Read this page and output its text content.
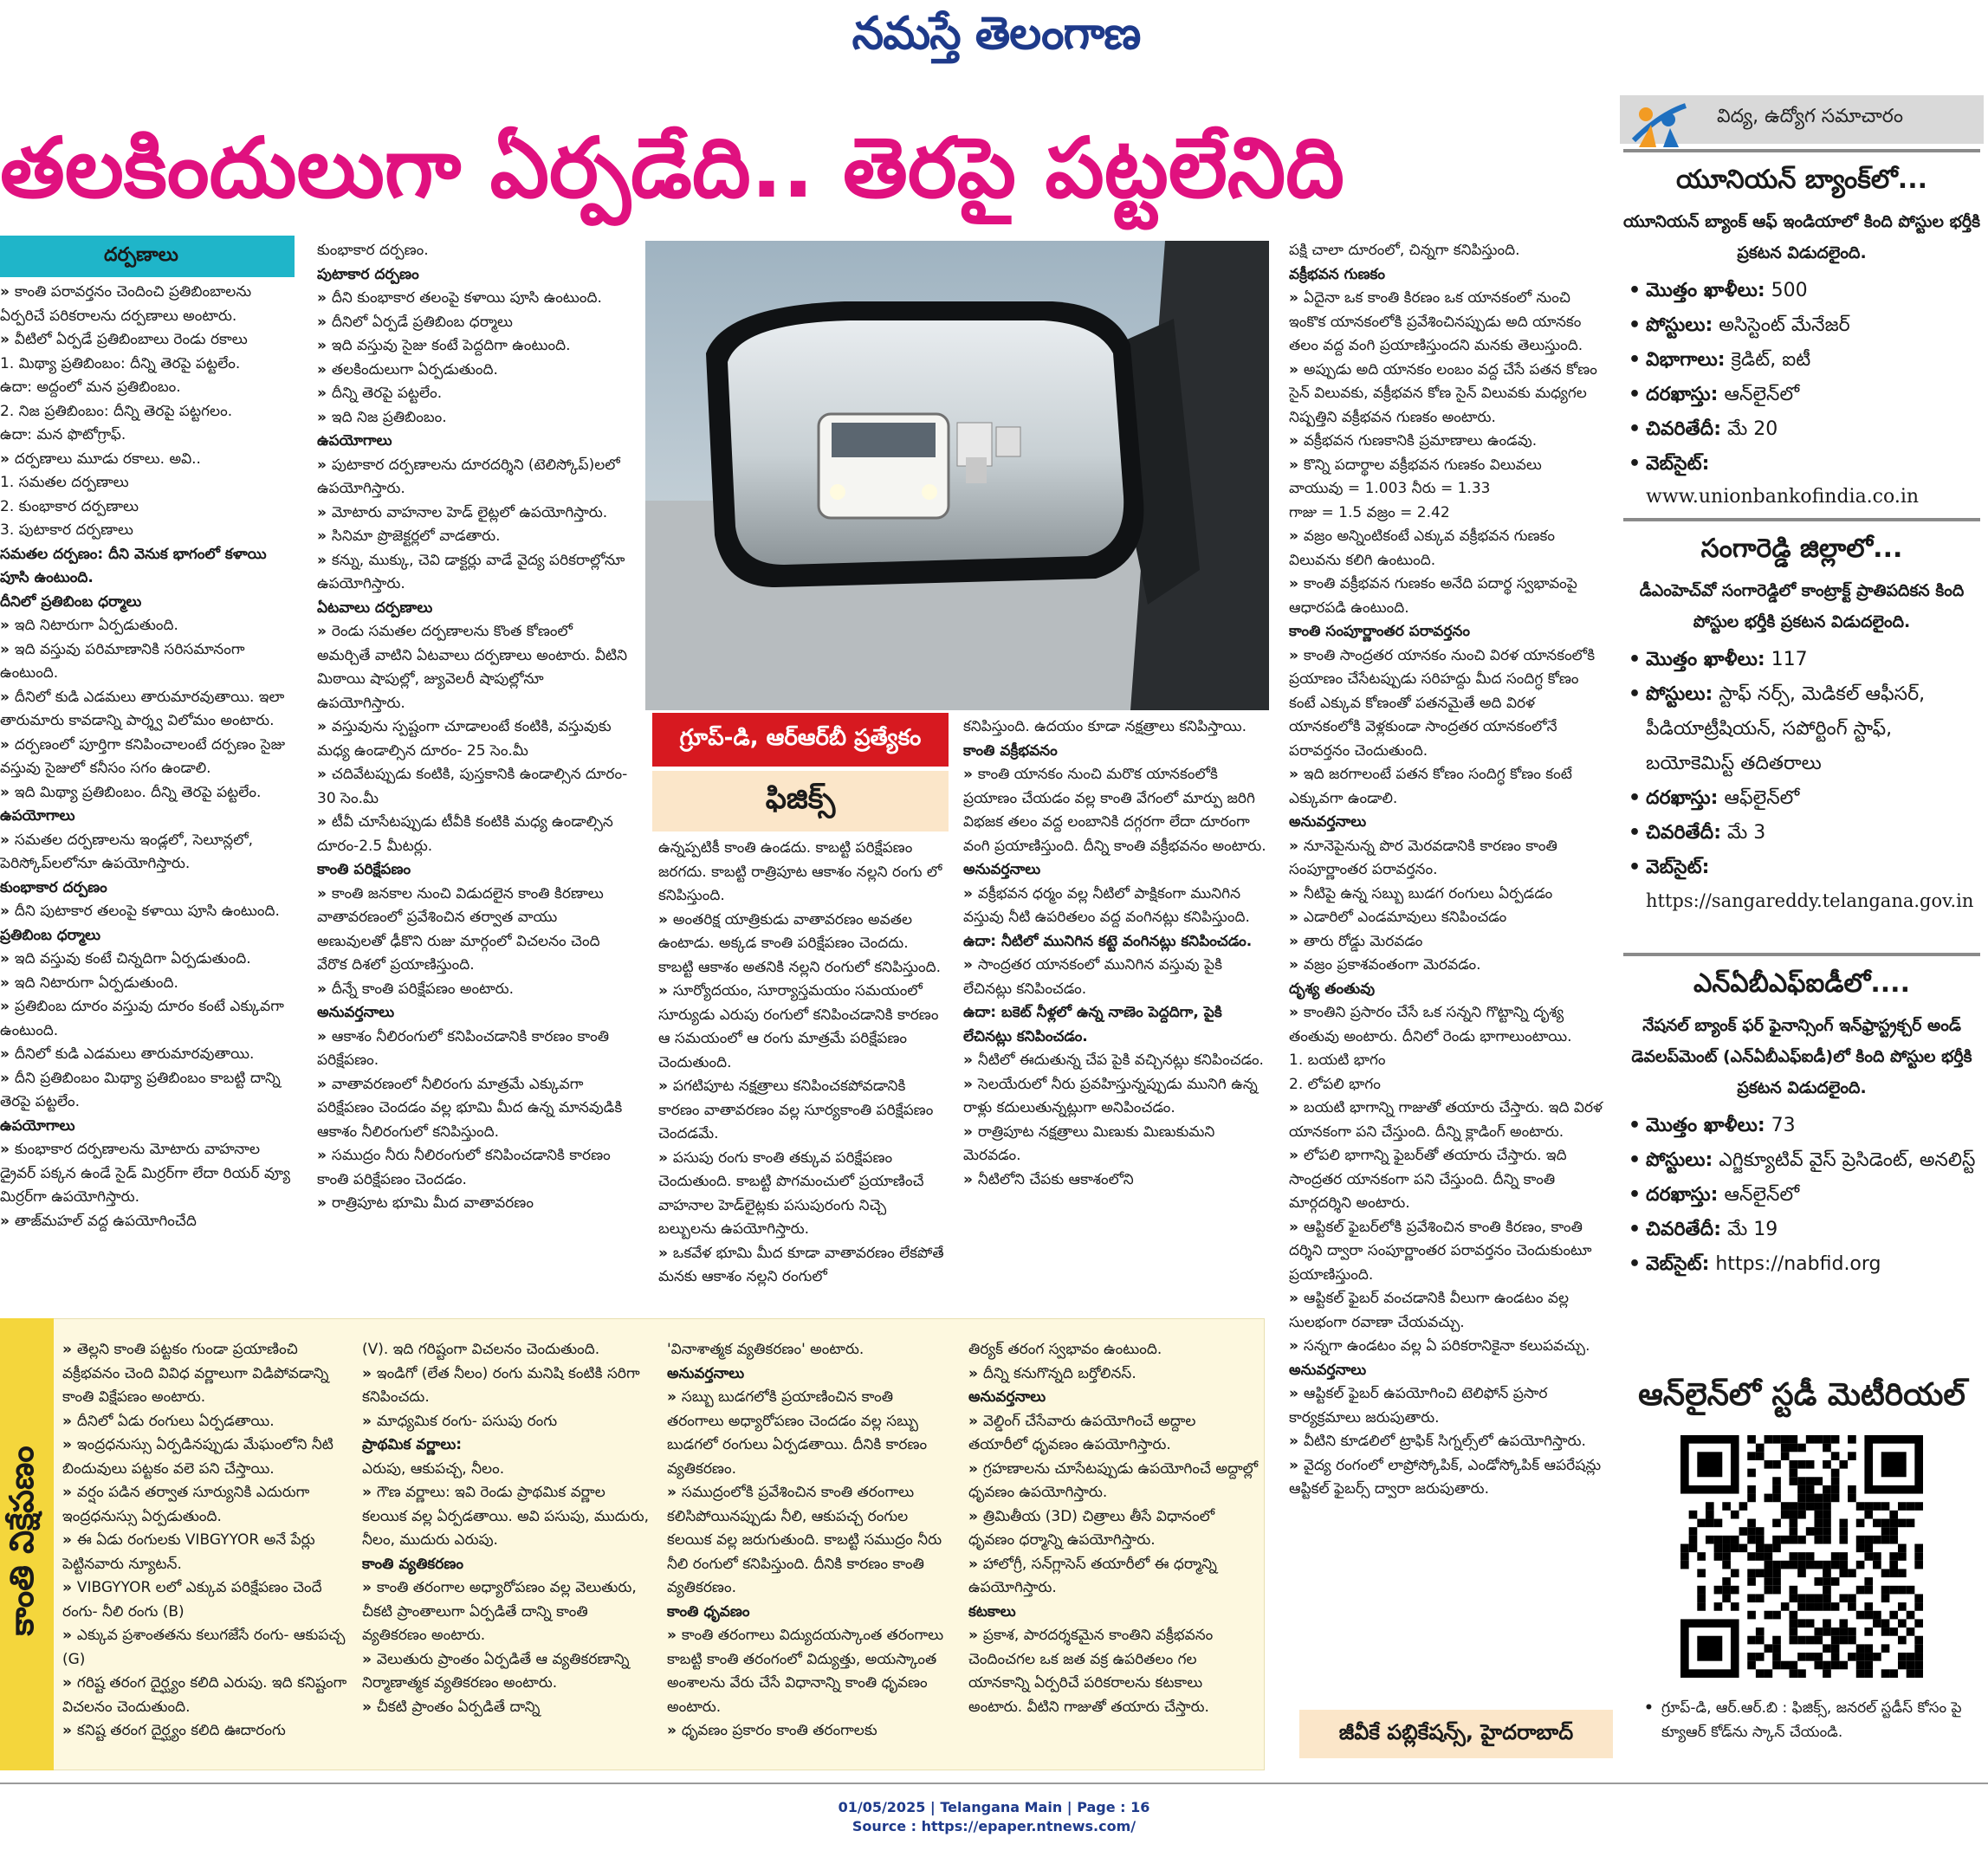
నమస్తే తెలంగాణ
తలకిందులుగా ఏర్పడేది.. తెరపై పట్టలేనిది
దర్పణాలు

» కాంతి పరావర్తనం చెందించి ప్రతిబింబాలను ఏర్పరిచే పరికరాలను దర్పణాలు అంటారు.

» వీటిలో ఏర్పడే ప్రతిబింబాలు రెండు రకాలు

1. మిథ్యా ప్రతిబింబం: దీన్ని తెరపై పట్టలేం.

ఉదా: అద్దంలో మన ప్రతిబింబం.

2. నిజ ప్రతిబింబం: దీన్ని తెరపై పట్టగలం.

ఉదా: మన ఫొటోగ్రాఫ్.

» దర్పణాలు మూడు రకాలు. అవి..

1. సమతల దర్పణాలు

2. కుంభాకార దర్పణాలు

3. పుటాకార దర్పణాలు

సమతల దర్పణం: దీని వెనుక భాగంలో కళాయి పూసి ఉంటుంది.

దీనిలో ప్రతిబింబ ధర్మాలు

» ఇది నిటారుగా ఏర్పడుతుంది.

» ఇది వస్తువు పరిమాణానికి సరిసమానంగా ఉంటుంది.

» దీనిలో కుడి ఎడమలు తారుమారవుతాయి. ఇలా తారుమారు కావడాన్ని పార్శ్వ విలోమం అంటారు.

» దర్పణంలో పూర్తిగా కనిపించాలంటే దర్పణం సైజు వస్తువు సైజులో కనీసం సగం ఉండాలి.

» ఇది మిథ్యా ప్రతిబింబం. దీన్ని తెరపై పట్టలేం.

ఉపయోగాలు

» సమతల దర్పణాలను ఇండ్లలో, సెలూన్లలో, పెరిస్కోప్‌లలోనూ ఉపయోగిస్తారు.

కుంభాకార దర్పణం

» దీని పుటాకార తలంపై కళాయి పూసి ఉంటుంది.

ప్రతిబింబ ధర్మాలు

» ఇది వస్తువు కంటే చిన్నదిగా ఏర్పడుతుంది.

» ఇది నిటారుగా ఏర్పడుతుంది.

» ప్రతిబింబ దూరం వస్తువు దూరం కంటే ఎక్కువగా ఉంటుంది.

» దీనిలో కుడి ఎడమలు తారుమారవుతాయి.

» దీని ప్రతిబింబం మిథ్యా ప్రతిబింబం కాబట్టి దాన్ని తెరపై పట్టలేం.

ఉపయోగాలు

» కుంభాకార దర్పణాలను మోటారు వాహనాల డ్రైవర్ పక్కన ఉండే సైడ్ మిర్రర్‌గా లేదా రియర్ వ్యూ మిర్రర్‌గా ఉపయోగిస్తారు.

» తాజ్‌మహల్ వద్ద ఉపయోగించేది

కుంభాకార దర్పణం.

పుటాకార దర్పణం

» దీని కుంభాకార తలంపై కళాయి పూసి ఉంటుంది.

» దీనిలో ఏర్పడే ప్రతిబింబ ధర్మాలు

» ఇది వస్తువు సైజు కంటే పెద్దదిగా ఉంటుంది.

» తలకిందులుగా ఏర్పడుతుంది.

» దీన్ని తెరపై పట్టలేం.

» ఇది నిజ ప్రతిబింబం.

ఉపయోగాలు

» పుటాకార దర్పణాలను దూరదర్శిని (టెలిస్కోప్)లలో ఉపయోగిస్తారు.

» మోటారు వాహనాల హెడ్ లైట్లలో ఉపయోగిస్తారు.

» సినిమా ప్రొజెక్టర్లలో వాడతారు.

» కన్ను, ముక్కు, చెవి డాక్టర్లు వాడే వైద్య పరికరాల్లోనూ ఉపయోగిస్తారు.

ఏటవాలు దర్పణాలు

» రెండు సమతల దర్పణాలను కొంత కోణంలో అమర్చితే వాటిని ఏటవాలు దర్పణాలు అంటారు. వీటిని మిఠాయి షాపుల్లో, జ్యువెలరీ షాపుల్లోనూ ఉపయోగిస్తారు.

» వస్తువును స్పష్టంగా చూడాలంటే కంటికి, వస్తువుకు మధ్య ఉండాల్సిన దూరం- 25 సెం.మీ

» చదివేటప్పుడు కంటికి, పుస్తకానికి ఉండాల్సిన దూరం- 30 సెం.మీ

» టీవీ చూసేటప్పుడు టీవీకి కంటికి మధ్య ఉండాల్సిన దూరం-2.5 మీటర్లు.

కాంతి పరిక్షేపణం

» కాంతి జనకాల నుంచి విడుదలైన కాంతి కిరణాలు వాతావరణంలో ప్రవేశించిన తర్వాత వాయు అణువులతో ఢీకొని రుజు మార్గంలో విచలనం చెంది వేరొక దిశలో ప్రయాణిస్తుంది.

» దీన్నే కాంతి పరిక్షేపణం అంటారు.

అనువర్తనాలు

» ఆకాశం నీలిరంగులో కనిపించడానికి కారణం కాంతి పరిక్షేపణం.

» వాతావరణంలో నీలిరంగు మాత్రమే ఎక్కువగా పరిక్షేపణం చెందడం వల్ల భూమి మీద ఉన్న మానవుడికి ఆకాశం నీలిరంగులో కనిపిస్తుంది.

» సముద్రం నీరు నీలిరంగులో కనిపించడానికి కారణం కాంతి పరిక్షేపణం చెందడం.

» రాత్రిపూట భూమి మీద వాతావరణం

ఉన్నప్పటికీ కాంతి ఉండదు. కాబట్టి పరిక్షేపణం జరగదు. కాబట్టి రాత్రిపూట ఆకాశం నల్లని రంగు లో కనిపిస్తుంది.

» అంతరిక్ష యాత్రికుడు వాతావరణం అవతల ఉంటాడు. అక్కడ కాంతి పరిక్షేపణం చెందదు. కాబట్టి ఆకాశం అతనికి నల్లని రంగులో కనిపిస్తుంది.

» సూర్యోదయం, సూర్యాస్తమయం సమయంలో సూర్యుడు ఎరుపు రంగులో కనిపించడానికి కారణం ఆ సమయంలో ఆ రంగు మాత్రమే పరిక్షేపణం చెందుతుంది.

» పగటిపూట నక్షత్రాలు కనిపించకపోవడానికి కారణం వాతావరణం వల్ల సూర్యకాంతి పరిక్షేపణం చెందడమే.

» పసుపు రంగు కాంతి తక్కువ పరిక్షేపణం చెందుతుంది. కాబట్టి పొగమంచులో ప్రయాణించే వాహనాల హెడ్‌లైట్లకు పసుపురంగు నిచ్చె బల్బులను ఉపయోగిస్తారు.

» ఒకవేళ భూమి మీద కూడా వాతావరణం లేకపోతే మనకు ఆకాశం నల్లని రంగులో

కనిపిస్తుంది. ఉదయం కూడా నక్షత్రాలు కనిపిస్తాయి.

కాంతి వక్రీభవనం

» కాంతి యానకం నుంచి మరొక యానకంలోకి ప్రయాణం చేయడం వల్ల కాంతి వేగంలో మార్పు జరిగి విభజక తలం వద్ద లంబానికి దగ్గరగా లేదా దూరంగా వంగి ప్రయాణిస్తుంది. దీన్ని కాంతి వక్రీభవనం అంటారు.

అనువర్తనాలు

» వక్రీభవన ధర్మం వల్ల నీటిలో పాక్షికంగా మునిగిన వస్తువు నీటి ఉపరితలం వద్ద వంగినట్లు కనిపిస్తుంది.

ఉదా: నీటిలో మునిగిన కట్టె వంగినట్లు కనిపించడం.

» సాంద్రతర యానకంలో మునిగిన వస్తువు పైకి లేచినట్లు కనిపించడం.

ఉదా: బకెట్ నీళ్లలో ఉన్న నాణెం పెద్దదిగా, పైకి లేచినట్లు కనిపించడం.

» నీటిలో ఈదుతున్న చేప పైకి వచ్చినట్లు కనిపించడం.

» సెలయేరులో నీరు ప్రవహిస్తున్నప్పుడు మునిగి ఉన్న రాళ్లు కదులుతున్నట్లుగా అనిపించడం.

» రాత్రిపూట నక్షత్రాలు మిణుకు మిణుకుమని మెరవడం.

» నీటిలోని చేపకు ఆకాశంలోని

పక్షి చాలా దూరంలో, చిన్నగా కనిపిస్తుంది.

వక్రీభవన గుణకం

» ఏదైనా ఒక కాంతి కిరణం ఒక యానకంలో నుంచి ఇంకొక యానకంలోకి ప్రవేశించినప్పుడు అది యానకం తలం వద్ద వంగి ప్రయాణిస్తుందని మనకు తెలుస్తుంది.

» అప్పుడు అది యానకం లంబం వద్ద చేసే పతన కోణం సైన్ విలువకు, వక్రీభవన కోణ సైన్ విలువకు మధ్యగల నిష్పత్తిని వక్రీభవన గుణకం అంటారు.

» వక్రీభవన గుణకానికి ప్రమాణాలు ఉండవు.

» కొన్ని పదార్థాల వక్రీభవన గుణకం విలువలు

వాయువు = 1.003 నీరు = 1.33

గాజు = 1.5 వజ్రం = 2.42

» వజ్రం అన్నింటికంటే ఎక్కువ వక్రీభవన గుణకం విలువను కలిగి ఉంటుంది.

» కాంతి వక్రీభవన గుణకం అనేది పదార్థ స్వభావంపై ఆధారపడి ఉంటుంది.

కాంతి సంపూర్ణాంతర పరావర్తనం

» కాంతి సాంద్రతర యానకం నుంచి విరళ యానకంలోకి ప్రయాణం చేసేటప్పుడు సరిహద్దు మీద సందిగ్ధ కోణం కంటే ఎక్కువ కోణంతో పతనమైతే అది విరళ యానకంలోకి వెళ్లకుండా సాంద్రతర యానకంలోనే పరావర్తనం చెందుతుంది.

» ఇది జరగాలంటే పతన కోణం సందిగ్ధ కోణం కంటే ఎక్కువగా ఉండాలి.

అనువర్తనాలు

» నూనెపైనున్న పొర మెరవడానికి కారణం కాంతి సంపూర్ణాంతర పరావర్తనం.

» నీటిపై ఉన్న సబ్బు బుడగ రంగులు ఏర్పడడం

» ఎడారిలో ఎండమావులు కనిపించడం

» తారు రోడ్డు మెరవడం

» వజ్రం ప్రకాశవంతంగా మెరవడం.

దృశ్య తంతువు

» కాంతిని ప్రసారం చేసే ఒక సన్నని గొట్టాన్ని దృశ్య తంతువు అంటారు. దీనిలో రెండు భాగాలుంటాయి.

1. బయటి భాగం

2. లోపలి భాగం

» బయటి భాగాన్ని గాజుతో తయారు చేస్తారు. ఇది విరళ యానకంగా పని చేస్తుంది. దీన్ని క్లాడింగ్ అంటారు.

» లోపలి భాగాన్ని ఫైబర్‌తో తయారు చేస్తారు. ఇది సాంద్రతర యానకంగా పని చేస్తుంది. దీన్ని కాంతి మార్గదర్శిని అంటారు.

» ఆప్టికల్ ఫైబర్‌లోకి ప్రవేశించిన కాంతి కిరణం, కాంతి దర్శిని ద్వారా సంపూర్ణాంతర పరావర్తనం చెందుకుంటూ ప్రయాణిస్తుంది.

» ఆప్టికల్ ఫైబర్ వంచడానికి వీలుగా ఉండటం వల్ల సులభంగా రవాణా చేయవచ్చు.

» సన్నగా ఉండటం వల్ల ఏ పరికరానికైనా కలుపవచ్చు.

అనువర్తనాలు

» ఆప్టికల్ ఫైబర్ ఉపయోగించి టెలిఫోన్ ప్రసార కార్యక్రమాలు జరుపుతారు.

» వీటిని కూడలిలో ట్రాఫిక్ సిగ్నల్స్‌లో ఉపయోగిస్తారు.

» వైద్య రంగంలో లాప్రోస్కోపిక్, ఎండోస్కోపిక్ ఆపరేషన్లు ఆప్టికల్ ఫైబర్స్ ద్వారా జరుపుతారు.

గ్రూప్-డి, ఆర్ఆర్‌బీ ప్రత్యేకం
ఫిజిక్స్
కాంతి విక్షేపణం

» తెల్లని కాంతి పట్టకం గుండా ప్రయాణించి వక్రీభవనం చెంది వివిధ వర్ణాలుగా విడిపోవడాన్ని కాంతి విక్షేపణం అంటారు.

» దీనిలో ఏడు రంగులు ఏర్పడతాయి.

» ఇంద్రధనుస్సు ఏర్పడినప్పుడు మేఘంలోని నీటి బిందువులు పట్టకం వలె పని చేస్తాయి.

» వర్షం పడిన తర్వాత సూర్యునికి ఎదురుగా ఇంద్రధనుస్సు ఏర్పడుతుంది.

» ఈ ఏడు రంగులకు VIBGYYOR అనే పేర్లు పెట్టినవారు న్యూటన్.

» VIBGYYOR లలో ఎక్కువ పరిక్షేపణం చెందే రంగు- నీలి రంగు (B)

» ఎక్కువ ప్రశాంతతను కలుగజేసే రంగు- ఆకుపచ్చ (G)

» గరిష్ట తరంగ దైర్ఘ్యం కలిది ఎరుపు. ఇది కనిష్టంగా విచలనం చెందుతుంది.

» కనిష్ట తరంగ దైర్ఘ్యం కలిది ఊదారంగు

(V). ఇది గరిష్టంగా విచలనం చెందుతుంది.

» ఇండిగో (లేత నీలం) రంగు మనిషి కంటికి సరిగా కనిపించదు.

» మాధ్యమిక రంగు- పసుపు రంగు

ప్రాథమిక వర్ణాలు:

ఎరుపు, ఆకుపచ్చ, నీలం.

» గౌణ వర్ణాలు: ఇవి రెండు ప్రాథమిక వర్ణాల కలయిక వల్ల ఏర్పడతాయి. అవి పసుపు, ముదురు, నీలం, ముదురు ఎరుపు.

కాంతి వ్యతికరణం

» కాంతి తరంగాల అధ్యారోపణం వల్ల వెలుతురు, చీకటి ప్రాంతాలుగా ఏర్పడితే దాన్ని కాంతి వ్యతికరణం అంటారు.

» వెలుతురు ప్రాంతం ఏర్పడితే ఆ వ్యతికరణాన్ని నిర్మాణాత్మక వ్యతికరణం అంటారు.

» చీకటి ప్రాంతం ఏర్పడితే దాన్ని

'వినాశాత్మక వ్యతికరణం' అంటారు.

అనువర్తనాలు

» సబ్బు బుడగలోకి ప్రయాణించిన కాంతి తరంగాలు అధ్యారోపణం చెందడం వల్ల సబ్బు బుడగలో రంగులు ఏర్పడతాయి. దీనికి కారణం వ్యతికరణం.

» సముద్రంలోకి ప్రవేశించిన కాంతి తరంగాలు కలిసిపోయినప్పుడు నీలి, ఆకుపచ్చ రంగుల కలయిక వల్ల జరుగుతుంది. కాబట్టి సముద్రం నీరు నీలి రంగులో కనిపిస్తుంది. దీనికి కారణం కాంతి వ్యతికరణం.

కాంతి ధృవణం

» కాంతి తరంగాలు విద్యుదయస్కాంత తరంగాలు కాబట్టి కాంతి తరంగంలో విద్యుత్తు, అయస్కాంత అంశాలను వేరు చేసే విధానాన్ని కాంతి ధృవణం అంటారు.

» ధృవణం ప్రకారం కాంతి తరంగాలకు

తిర్యక్ తరంగ స్వభావం ఉంటుంది.

» దీన్ని కనుగొన్నది బర్తోలినస్.

అనువర్తనాలు

» వెల్డింగ్ చేసేవారు ఉపయోగించే అద్దాల తయారీలో ధృవణం ఉపయోగిస్తారు.

» గ్రహణాలను చూసేటప్పుడు ఉపయోగించే అద్దాల్లో ధృవణం ఉపయోగిస్తారు.

» త్రిమితీయ (3D) చిత్రాలు తీసే విధానంలో ధృవణం ధర్మాన్ని ఉపయోగిస్తారు.

» హాలోగ్రీ, సన్‌గ్లాసెస్ తయారీలో ఈ ధర్మాన్ని ఉపయోగిస్తారు.

కటకాలు

» ప్రకాశ, పారదర్శకమైన కాంతిని వక్రీభవనం చెందించగల ఒక జత వక్ర ఉపరితలం గల యానకాన్ని ఏర్పరిచే పరికరాలను కటకాలు అంటారు. వీటిని గాజుతో తయారు చేస్తారు.

జీవీకే పబ్లికేషన్స్, హైదరాబాద్
విద్య, ఉద్యోగ సమాచారం
యూనియన్ బ్యాంక్‌లో...
యూనియన్ బ్యాంక్ ఆఫ్ ఇండియాలో కింది పోస్టుల భర్తీకి ప్రకటన విడుదలైంది.
• మొత్తం ఖాళీలు: 500
• పోస్టులు: అసిస్టెంట్ మేనేజర్
• విభాగాలు: క్రెడిట్, ఐటీ
• దరఖాస్తు: ఆన్‌లైన్‌లో
• చివరితేదీ: మే 20
• వెబ్‌సైట్:
www.unionbankofindia.co.in
సంగారెడ్డి జిల్లాలో...
డీఎంహెచ్‌వో సంగారెడ్డిలో కాంట్రాక్ట్ ప్రాతిపదికన కింది పోస్టుల భర్తీకి ప్రకటన విడుదలైంది.
• మొత్తం ఖాళీలు: 117
• పోస్టులు: స్టాఫ్ నర్స్, మెడికల్ ఆఫీసర్, పీడియాట్రీషియన్, సపోర్టింగ్ స్టాఫ్, బయోకెమిస్ట్ తదితరాలు
• దరఖాస్తు: ఆఫ్‌లైన్‌లో
• చివరితేదీ: మే 3
• వెబ్‌సైట్:
https://sangareddy.telangana.gov.in
ఎన్‌ఏబీఎఫ్ఐడీలో....
నేషనల్ బ్యాంక్ ఫర్ ఫైనాన్సింగ్ ఇన్‌ఫ్రాస్ట్రక్చర్ అండ్ డెవలప్‌మెంట్ (ఎన్‌ఏబీఎఫ్ఐడీ)లో కింది పోస్టుల భర్తీకి ప్రకటన విడుదలైంది.
• మొత్తం ఖాళీలు: 73
• పోస్టులు: ఎగ్జిక్యూటివ్ వైస్ ప్రెసిడెంట్, అనలిస్ట్
• దరఖాస్తు: ఆన్‌లైన్‌లో
• చివరితేదీ: మే 19
• వెబ్‌సైట్: https://nabfid.org
ఆన్‌లైన్‌లో స్టడీ మెటీరియల్
• గ్రూప్-డి, ఆర్.ఆర్.బి : ఫిజిక్స్, జనరల్ స్టడీస్ కోసం పై క్యూఆర్ కోడ్‌ను స్కాన్ చేయండి.
01/05/2025 | Telangana Main | Page : 16
Source : https://epaper.ntnews.com/
